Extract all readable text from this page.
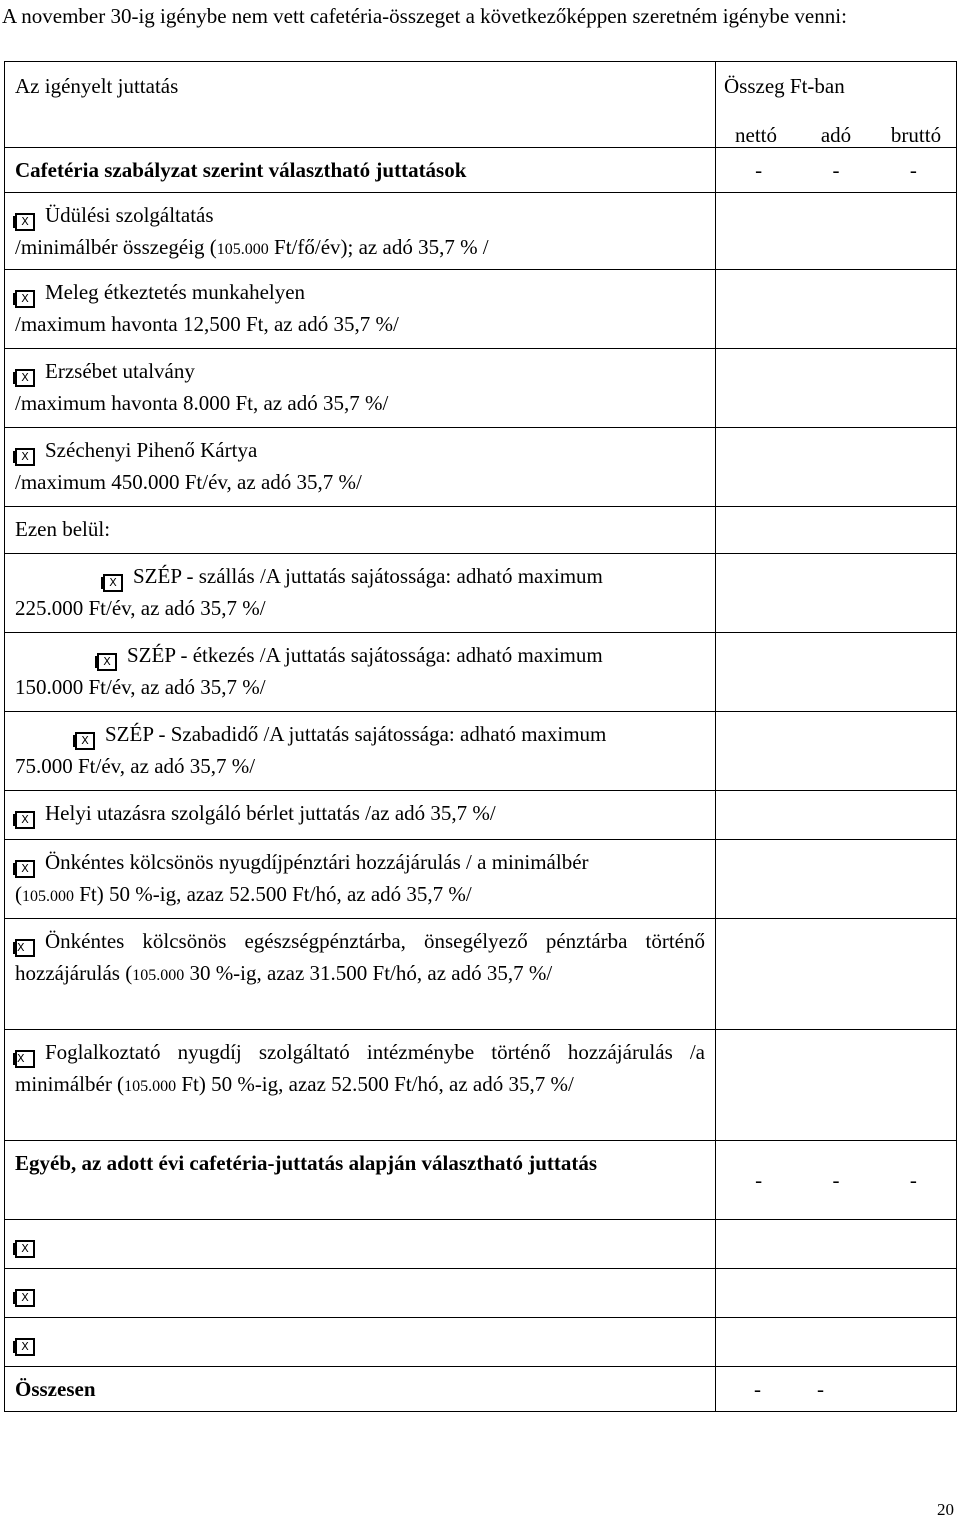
A november 30-ig igénybe nem vett cafetéria-összeget a következőképpen szeretném igénybe venni:
Az igényelt juttatás	Összeg Ft-ban
nettó adó bruttó

Cafetéria szabályzat szerint választható juttatások	- - -

X Üdülési szolgáltatás
/minimálbér összegéig (105.000 Ft/fő/év); az adó 35,7 % /	

X Meleg étkeztetés munkahelyen
/maximum havonta 12,500 Ft, az adó 35,7 %/	

X Erzsébet utalvány
/maximum havonta 8.000 Ft, az adó 35,7 %/	

X Széchenyi Pihenő Kártya
/maximum 450.000 Ft/év, az adó 35,7 %/	

Ezen belül:	

X SZÉP - szállás /A juttatás sajátossága: adható maximum
225.000 Ft/év, az adó 35,7 %/	

X SZÉP - étkezés /A juttatás sajátossága: adható maximum
150.000 Ft/év, az adó 35,7 %/	

X SZÉP - Szabadidő /A juttatás sajátossága: adható maximum
75.000 Ft/év, az adó 35,7 %/	

X Helyi utazásra szolgáló bérlet juttatás /az adó 35,7 %/	

X Önkéntes kölcsönös nyugdíjpénztári hozzájárulás / a minimálbér
(105.000 Ft) 50 %-ig, azaz 52.500 Ft/hó, az adó 35,7 %/	

X Önkéntes kölcsönös egészségpénztárba, önsegélyező pénztárba történő hozzájárulás (105.000 30 %-ig, azaz 31.500 Ft/hó, az adó 35,7 %/	

X Foglalkoztató nyugdíj szolgáltató intézménybe történő hozzájárulás /a minimálbér (105.000 Ft) 50 %-ig, azaz 52.500 Ft/hó, az adó 35,7 %/	

Egyéb, az adott évi cafetéria-juttatás alapján választható juttatás	- - -

X	

X	

X	

Összesen	- -
20
